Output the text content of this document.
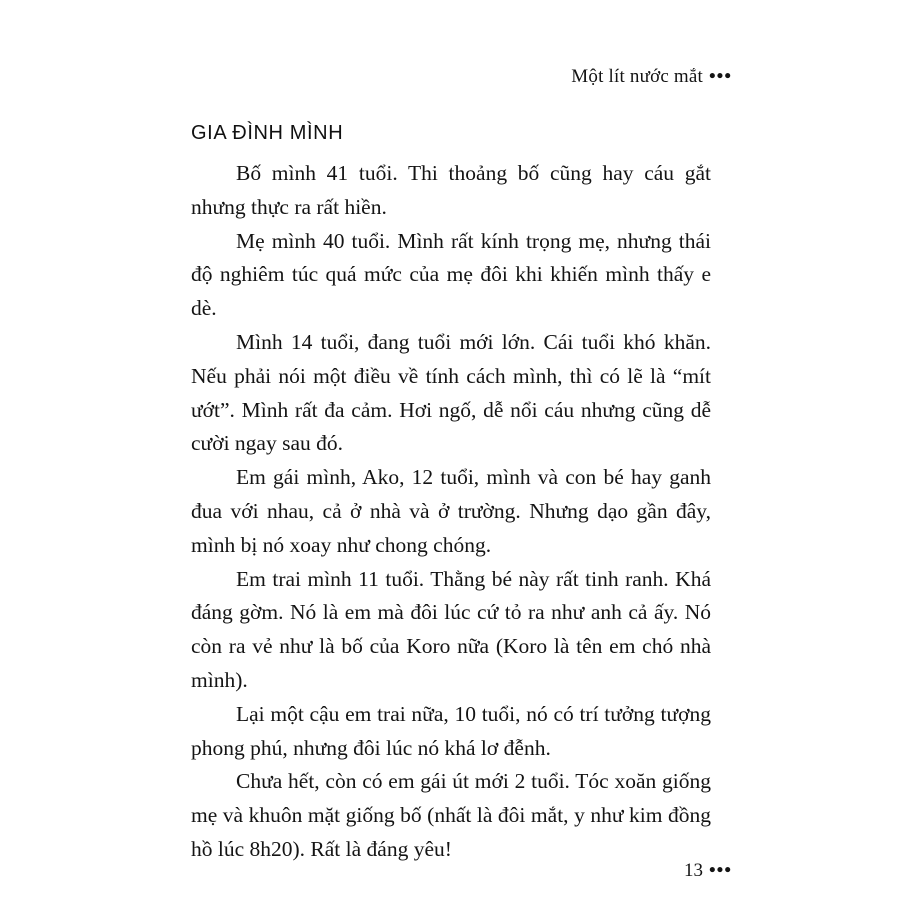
Một lít nước mắt •••
GIA ĐÌNH MÌNH

Bố mình 41 tuổi. Thi thoảng bố cũng hay cáu gắt nhưng thực ra rất hiền.

Mẹ mình 40 tuổi. Mình rất kính trọng mẹ, nhưng thái độ nghiêm túc quá mức của mẹ đôi khi khiến mình thấy e dè.

Mình 14 tuổi, đang tuổi mới lớn. Cái tuổi khó khăn. Nếu phải nói một điều về tính cách mình, thì có lẽ là “mít ướt”. Mình rất đa cảm. Hơi ngố, dễ nổi cáu nhưng cũng dễ cười ngay sau đó.

Em gái mình, Ako, 12 tuổi, mình và con bé hay ganh đua với nhau, cả ở nhà và ở trường. Nhưng dạo gần đây, mình bị nó xoay như chong chóng.

Em trai mình 11 tuổi. Thằng bé này rất tinh ranh. Khá đáng gờm. Nó là em mà đôi lúc cứ tỏ ra như anh cả ấy. Nó còn ra vẻ như là bố của Koro nữa (Koro là tên em chó nhà mình).

Lại một cậu em trai nữa, 10 tuổi, nó có trí tưởng tượng phong phú, nhưng đôi lúc nó khá lơ đễnh.

Chưa hết, còn có em gái út mới 2 tuổi. Tóc xoăn giống mẹ và khuôn mặt giống bố (nhất là đôi mắt, y như kim đồng hồ lúc 8h20). Rất là đáng yêu!

13 •••
